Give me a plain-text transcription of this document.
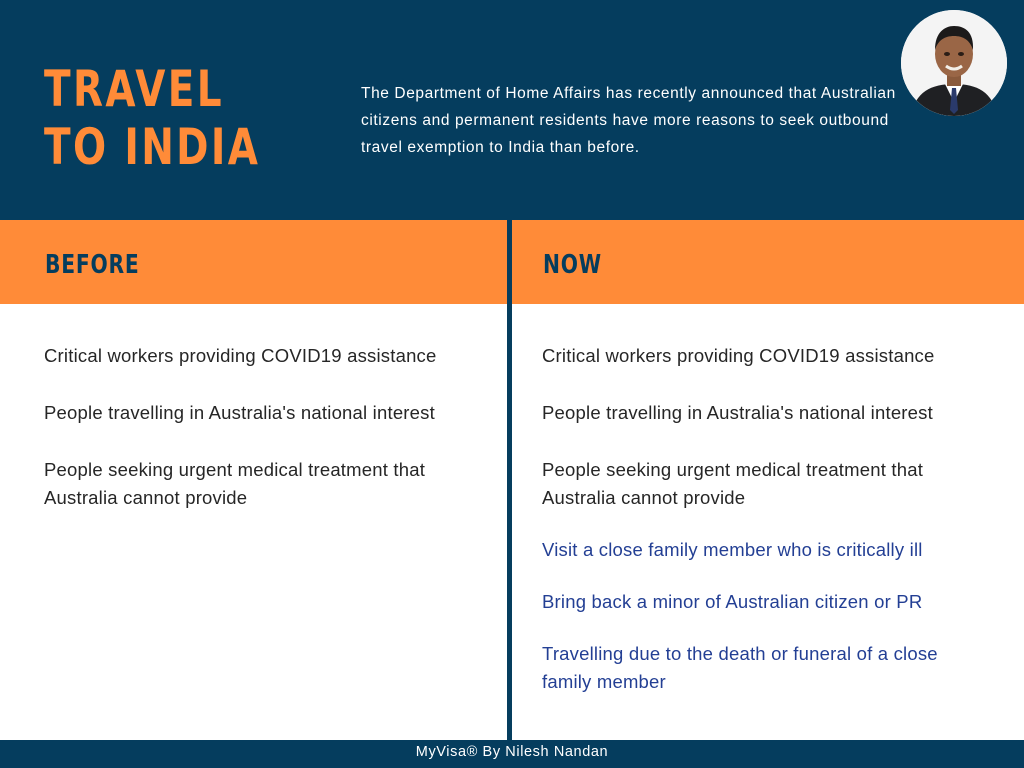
TRAVEL TO INDIA

The Department of Home Affairs has recently announced that Australian citizens and permanent residents have more reasons to seek outbound travel exemption to India than before.

BEFORE	NOW
Critical workers providing COVID19 assistance
People travelling in Australia's national interest
People seeking urgent medical treatment that Australia cannot provide
Critical workers providing COVID19 assistance
People travelling in Australia's national interest
People seeking urgent medical treatment that Australia cannot provide
Visit a close family member who is critically ill
Bring back a minor of Australian citizen or PR
Travelling due to the death or funeral of a close family member
MyVisa® By Nilesh Nandan
